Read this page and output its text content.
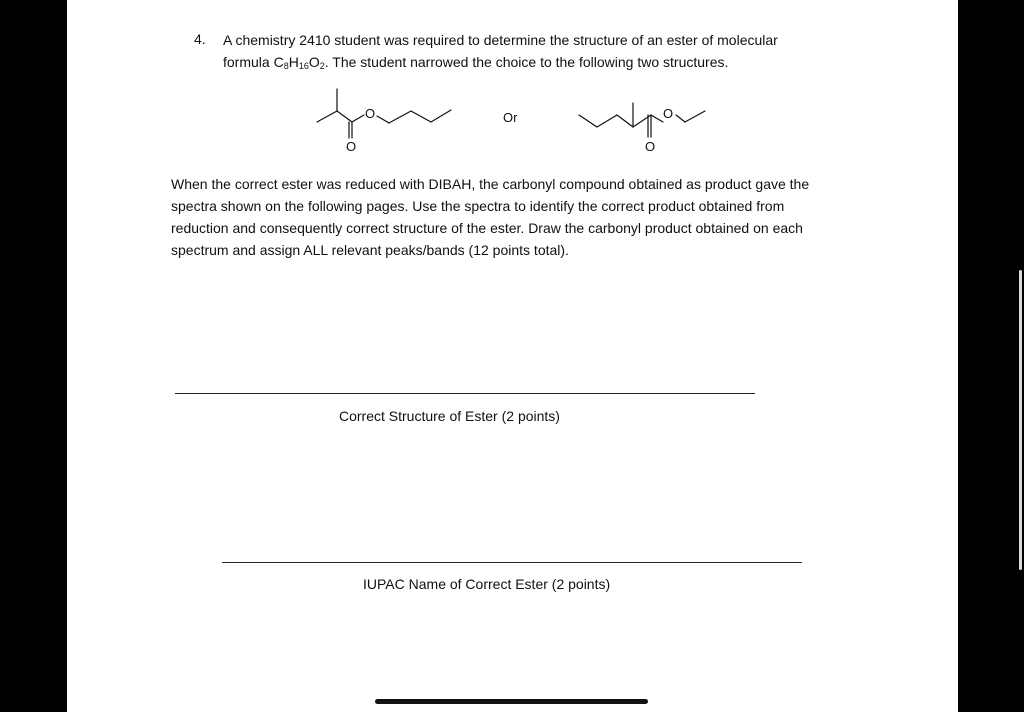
4. A chemistry 2410 student was required to determine the structure of an ester of molecular
formula $C_8H_{16}O_2$. The student narrowed the choice to the following two structures.
O
O
Or	O
O
When the correct ester was reduced with DIBAH, the carbonyl compound obtained as product gave the
spectra shown on the following pages. Use the spectra to identify the correct product obtained from
reduction and consequently correct structure of the ester. Draw the carbonyl product obtained on each
spectrum and assign ALL relevant peaks/bands (12 points total).
Correct Structure of Ester (2 points)
IUPAC Name of Correct Ester (2 points)
